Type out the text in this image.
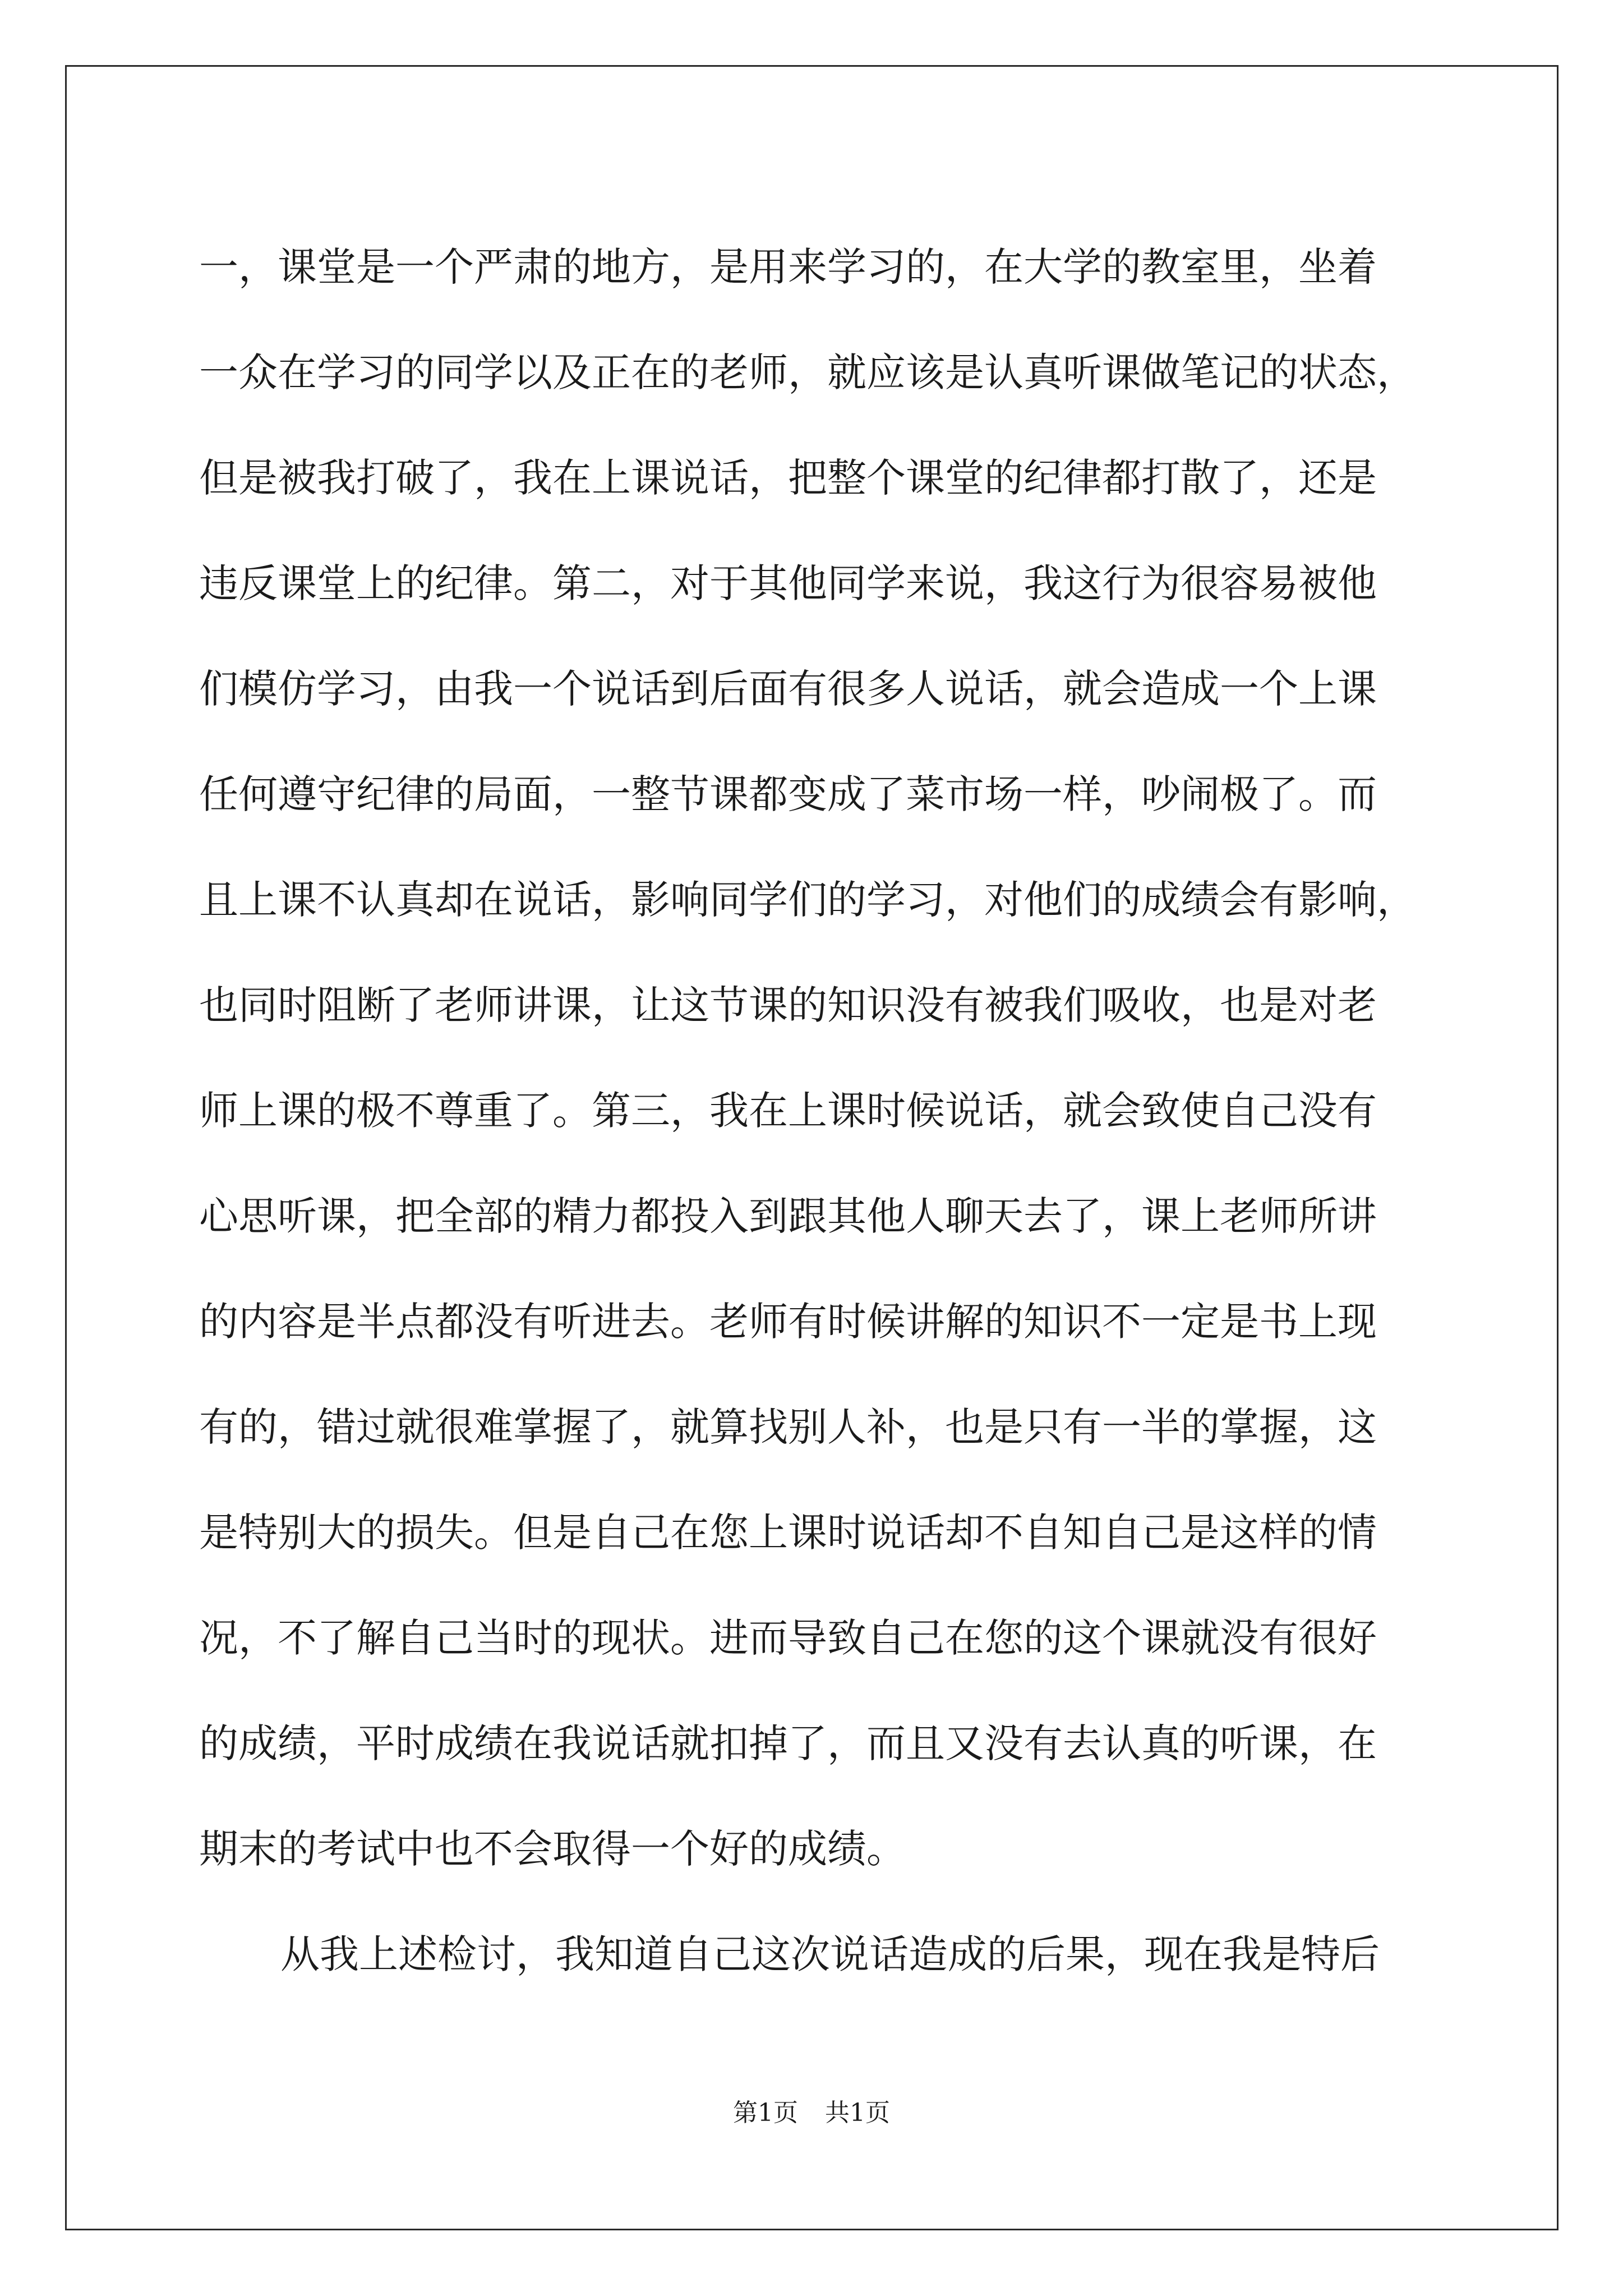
一，课堂是一个严肃的地方，是用来学习的，在大学的教室里，坐着
一众在学习的同学以及正在的老师，就应该是认真听课做笔记的状态，
但是被我打破了，我在上课说话，把整个课堂的纪律都打散了，还是
违反课堂上的纪律。第二，对于其他同学来说，我这行为很容易被他
们模仿学习，由我一个说话到后面有很多人说话，就会造成一个上课
任何遵守纪律的局面，一整节课都变成了菜市场一样，吵闹极了。而
且上课不认真却在说话，影响同学们的学习，对他们的成绩会有影响，
也同时阻断了老师讲课，让这节课的知识没有被我们吸收，也是对老
师上课的极不尊重了。第三，我在上课时候说话，就会致使自己没有
心思听课，把全部的精力都投入到跟其他人聊天去了，课上老师所讲
的内容是半点都没有听进去。老师有时候讲解的知识不一定是书上现
有的，错过就很难掌握了，就算找别人补，也是只有一半的掌握，这
是特别大的损失。但是自己在您上课时说话却不自知自己是这样的情
况，不了解自己当时的现状。进而导致自己在您的这个课就没有很好
的成绩，平时成绩在我说话就扣掉了，而且又没有去认真的听课，在
期末的考试中也不会取得一个好的成绩。
从我上述检讨，我知道自己这次说话造成的后果，现在我是特后
第1页 共1页
